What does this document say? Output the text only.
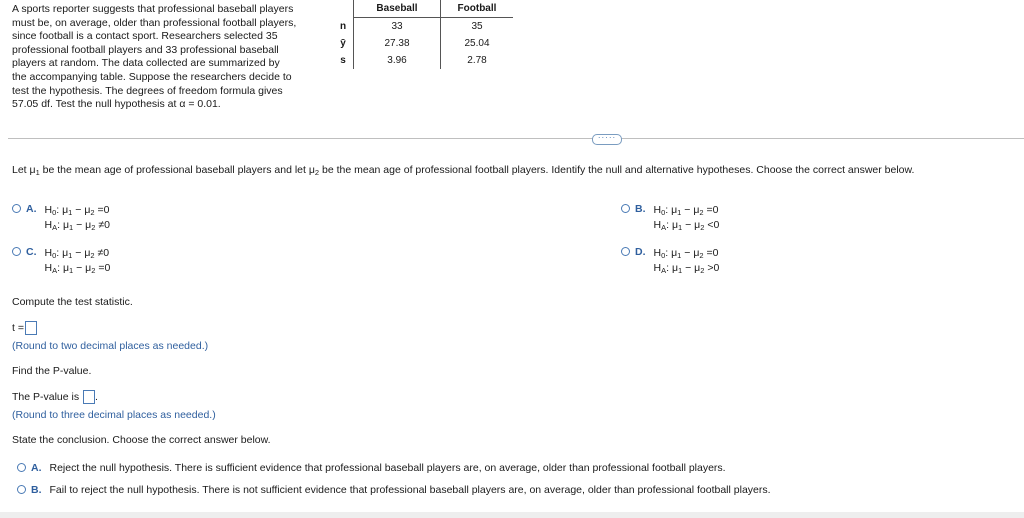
A sports reporter suggests that professional baseball players
must be, on average, older than professional football players,
since football is a contact sport. Researchers selected 35
professional football players and 33 professional baseball
players at random. The data collected are summarized by
the accompanying table. Suppose the researchers decide to
test the hypothesis. The degrees of freedom formula gives
57.05 df. Test the null hypothesis at α = 0.01.
	Baseball	Football
n	33	35
ȳ	27.38	25.04
s	3.96	2.78
·····
Let μ1 be the mean age of professional baseball players and let μ2 be the mean age of professional football players. Identify the null and alternative hypotheses. Choose the correct answer below.
A. H0: μ1 − μ2 =0
HA: μ1 − μ2 ≠0
B. H0: μ1 − μ2 =0
HA: μ1 − μ2 <0
C. H0: μ1 − μ2 ≠0
HA: μ1 − μ2 =0
D. H0: μ1 − μ2 =0
HA: μ1 − μ2 >0
Compute the test statistic.
t =
(Round to two decimal places as needed.)
Find the P-value.
The P-value is .
(Round to three decimal places as needed.)
State the conclusion. Choose the correct answer below.
A. Reject the null hypothesis. There is sufficient evidence that professional baseball players are, on average, older than professional football players.
B. Fail to reject the null hypothesis. There is not sufficient evidence that professional baseball players are, on average, older than professional football players.
